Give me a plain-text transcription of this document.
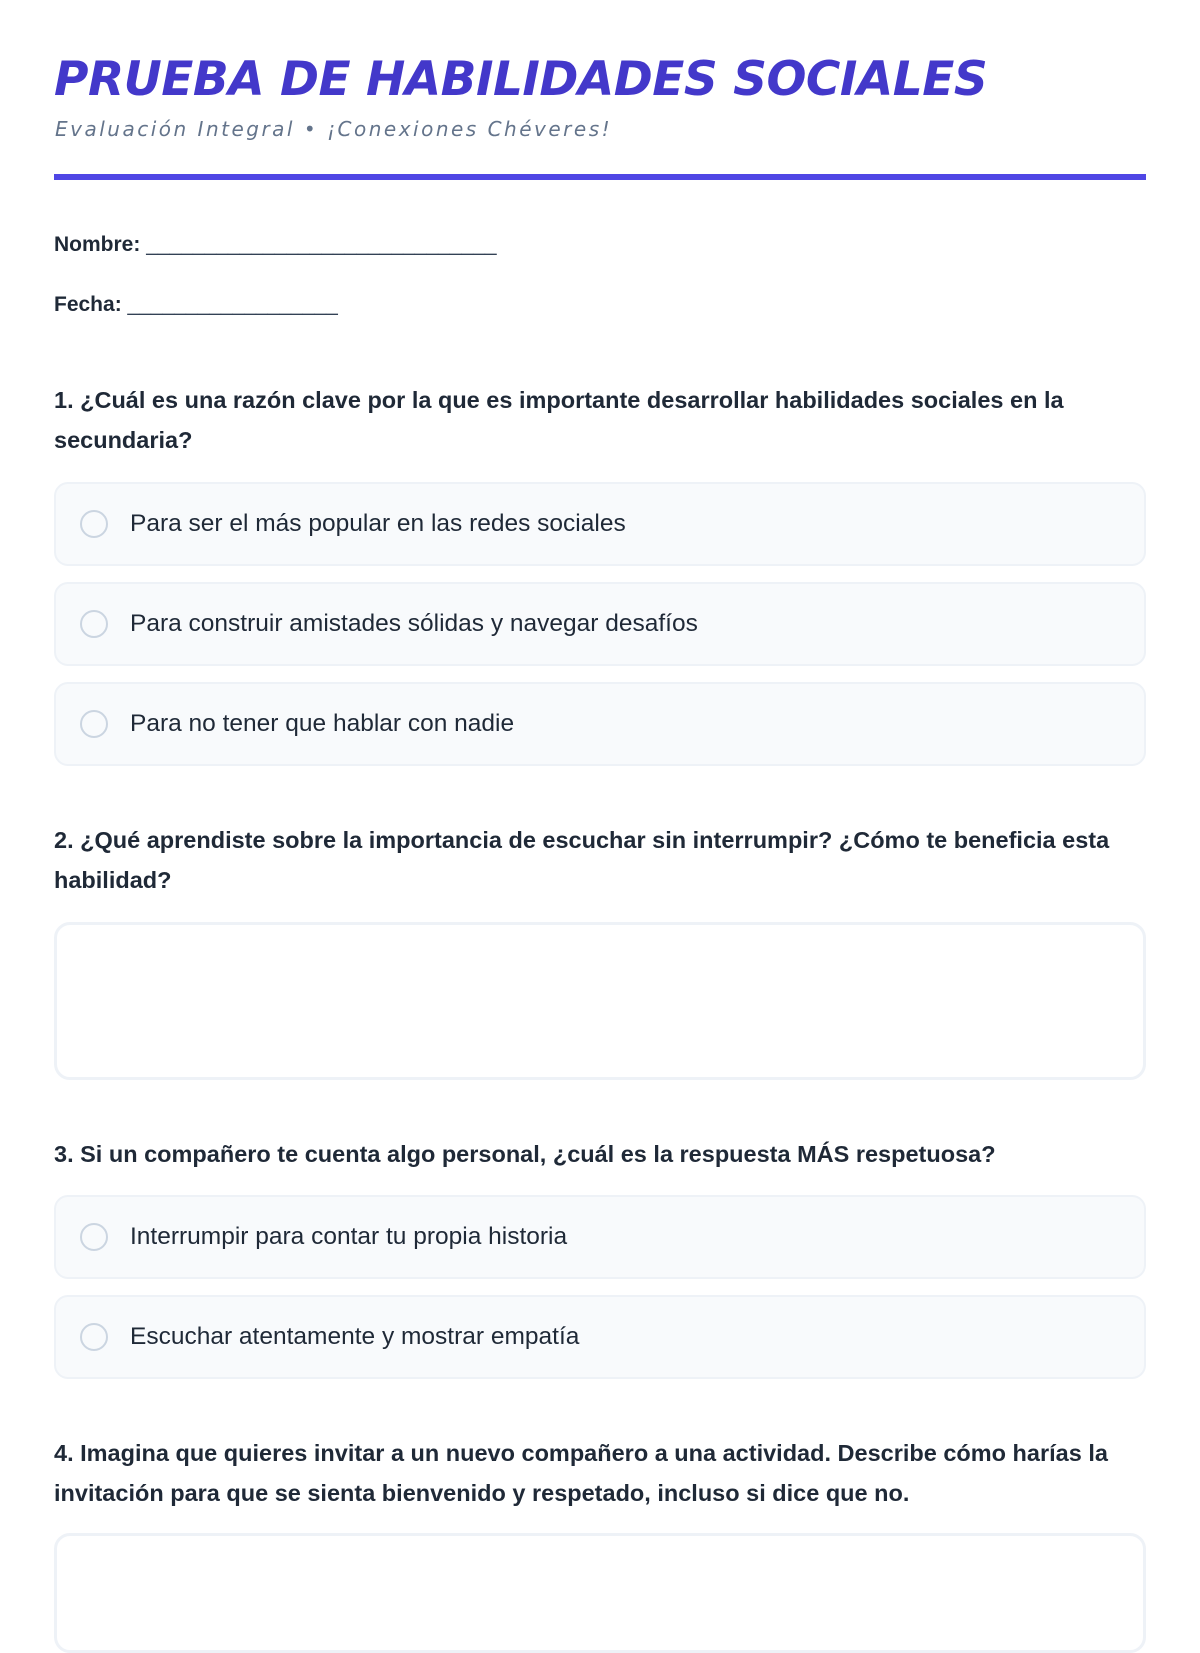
PRUEBA DE HABILIDADES SOCIALES
Evaluación Integral • ¡Conexiones Chéveres!
Nombre: ______________________________
Fecha: __________________

1. ¿Cuál es una razón clave por la que es importante desarrollar habilidades sociales en la secundaria?

Para ser el más popular en las redes sociales
Para construir amistades sólidas y navegar desafíos
Para no tener que hablar con nadie

2. ¿Qué aprendiste sobre la importancia de escuchar sin interrumpir? ¿Cómo te beneficia esta habilidad?

3. Si un compañero te cuenta algo personal, ¿cuál es la respuesta MÁS respetuosa?

Interrumpir para contar tu propia historia
Escuchar atentamente y mostrar empatía

4. Imagina que quieres invitar a un nuevo compañero a una actividad. Describe cómo harías la invitación para que se sienta bienvenido y respetado, incluso si dice que no.
